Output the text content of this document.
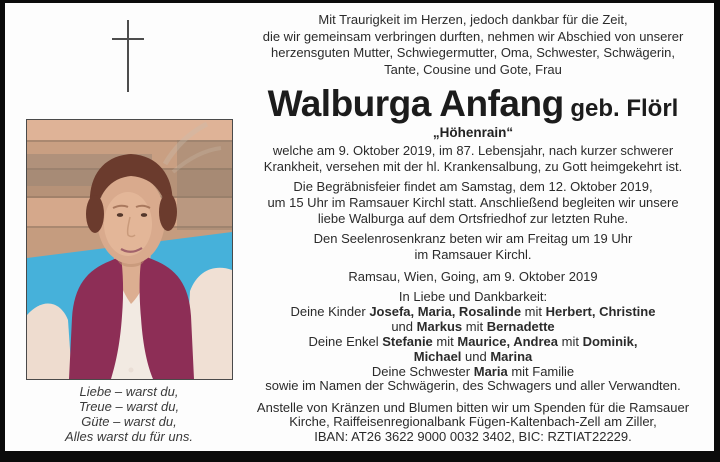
Liebe – warst du,
Treue – warst du,
Güte – warst du,
Alles warst du für uns.
Mit Traurigkeit im Herzen, jedoch dankbar für die Zeit,
die wir gemeinsam verbringen durften, nehmen wir Abschied von unserer
herzensguten Mutter, Schwiegermutter, Oma, Schwester, Schwägerin,
Tante, Cousine und Gote, Frau
Walburga Anfang geb. Flörl
„Höhenrain“
welche am 9. Oktober 2019, im 87. Lebensjahr, nach kurzer schwerer
Krankheit, versehen mit der hl. Krankensalbung, zu Gott heimgekehrt ist.
Die Begräbnisfeier findet am Samstag, dem 12. Oktober 2019,
um 15 Uhr im Ramsauer Kirchl statt. Anschließend begleiten wir unsere
liebe Walburga auf dem Ortsfriedhof zur letzten Ruhe.
Den Seelenrosenkranz beten wir am Freitag um 19 Uhr
im Ramsauer Kirchl.
Ramsau, Wien, Going, am 9. Oktober 2019
In Liebe und Dankbarkeit:
Deine Kinder Josefa, Maria, Rosalinde mit Herbert, Christine
und Markus mit Bernadette
Deine Enkel Stefanie mit Maurice, Andrea mit Dominik,
Michael und Marina
Deine Schwester Maria mit Familie
sowie im Namen der Schwägerin, des Schwagers und aller Verwandten.
Anstelle von Kränzen und Blumen bitten wir um Spenden für die Ramsauer
Kirche, Raiffeisenregionalbank Fügen-Kaltenbach-Zell am Ziller,
IBAN: AT26 3622 9000 0032 3402, BIC: RZTIAT22229.
